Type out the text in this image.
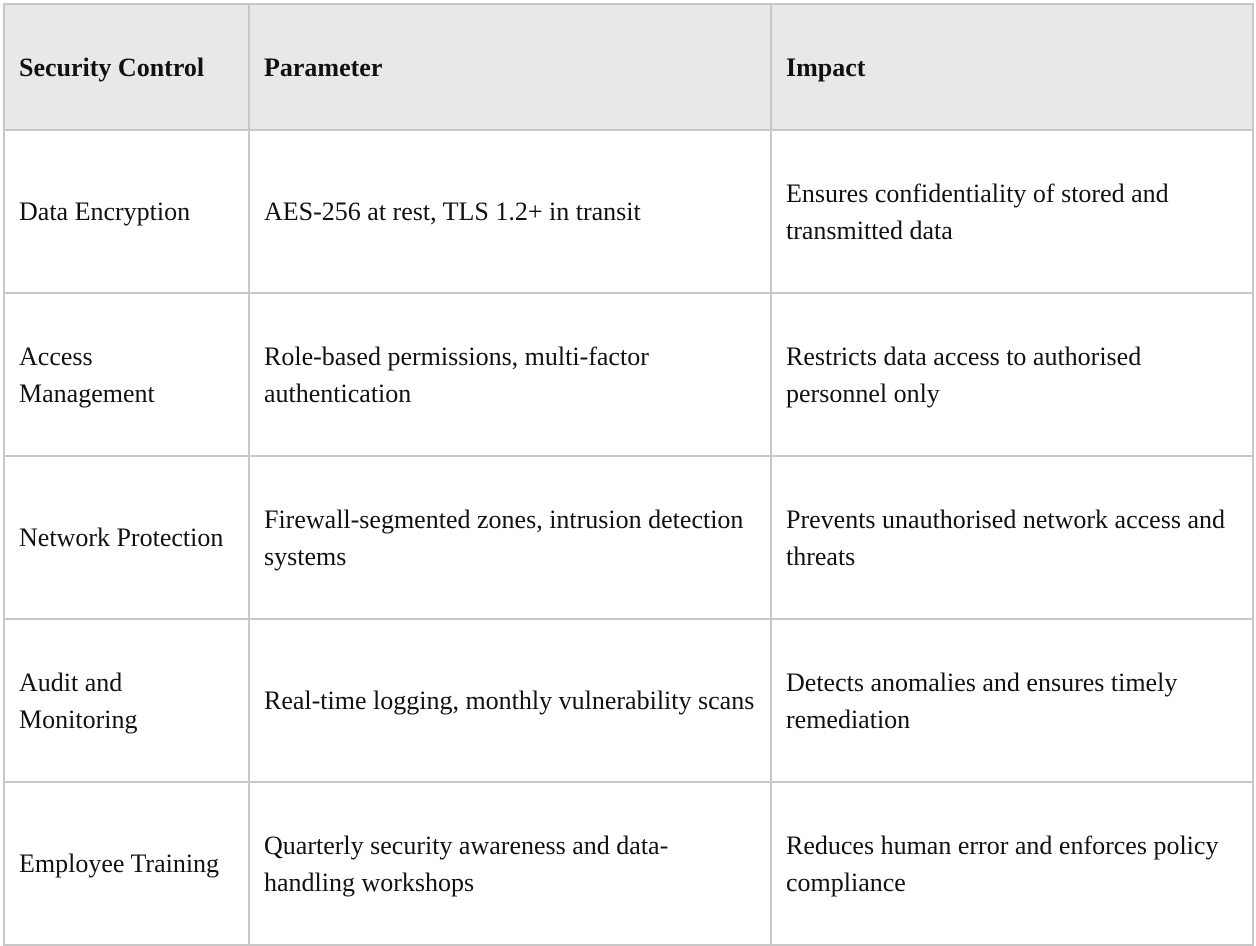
Security Control	Parameter	Impact
Data Encryption	AES-256 at rest, TLS 1.2+ in transit	Ensures confidentiality of stored and transmitted data
Access Management	Role-based permissions, multi-factor authentication	Restricts data access to authorised personnel only
Network Protection	Firewall-segmented zones, intrusion detection systems	Prevents unauthorised network access and threats
Audit and Monitoring	Real-time logging, monthly vulnerability scans	Detects anomalies and ensures timely remediation
Employee Training	Quarterly security awareness and data-handling workshops	Reduces human error and enforces policy compliance
